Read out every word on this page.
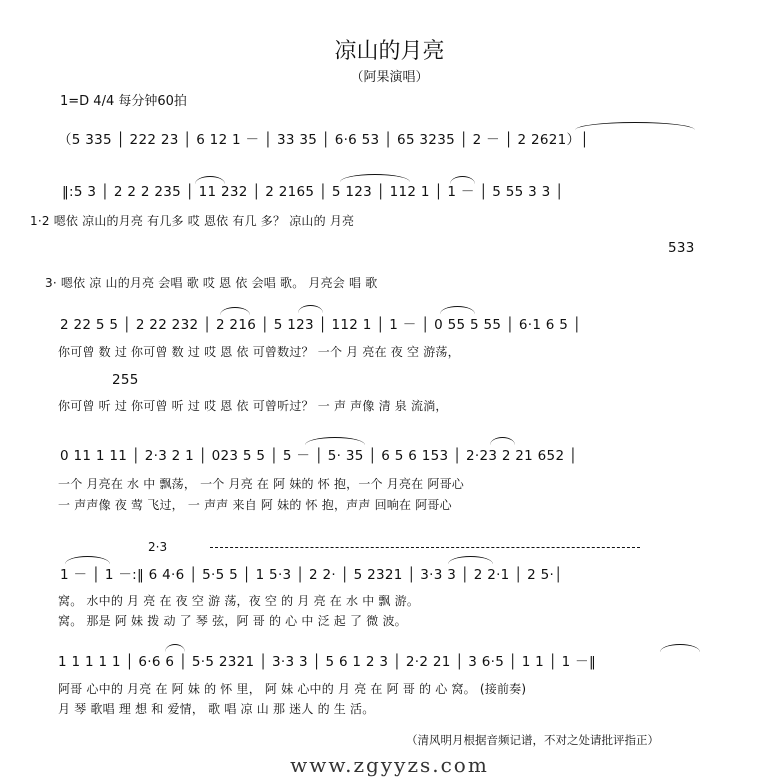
凉山的月亮
（阿果演唱）
1=D 4/4 每分钟60拍
（5 335 │ 222 23 │ 6 12 1 － │ 33 35 │ 6·6 53 │ 65 3235 │ 2 － │ 2 2621）│
‖:5 3 │ 2 2 2 235 │ 11 232 │ 2 2165 │ 5 123 │ 112 1 │ 1 － │ 5 55 3 3 │
1·2 嗯依 凉山的月亮 有几多 哎 恩依 有几 多？ 凉山的 月亮
533
3· 嗯依 凉 山的月亮 会唱 歌 哎 恩 依 会唱 歌。 月亮会 唱 歌
2 22 5 5 │ 2 22 232 │ 2 216 │ 5 123 │ 112 1 │ 1 － │ 0 55 5 55 │ 6·1 6 5 │
你可曾 数 过 你可曾 数 过 哎 恩 依 可曾数过？ 一个 月 亮在 夜 空 游荡，
255
你可曾 听 过 你可曾 听 过 哎 恩 依 可曾听过？ 一 声 声像 清 泉 流淌，
0 11 1 11 │ 2·3 2 1 │ 023 5 5 │ 5 － │ 5· 35 │ 6 5 6 153 │ 2·23 2 21 652 │
一个 月亮在 水 中 飘荡， 一个 月亮 在 阿 妹的 怀 抱，一个 月亮在 阿哥心
一 声声像 夜 莺 飞过， 一 声声 来自 阿 妹的 怀 抱，声声 回响在 阿哥心
2·3
1 － │ 1 －:‖ 6 4·6 │ 5·5 5 │ 1 5·3 │ 2 2· │ 5 2321 │ 3·3 3 │ 2 2·1 │ 2 5·│
窝。 水中的 月 亮 在 夜 空 游 荡，夜 空 的 月 亮 在 水 中 飘 游。
窝。 那是 阿 妹 拨 动 了 琴 弦，阿 哥 的 心 中 泛 起 了 微 波。
1 1 1 1 1 │ 6·6 6 │ 5·5 2321 │ 3·3 3 │ 5 6 1 2 3 │ 2·2 21 │ 3 6·5 │ 1 1 │ 1 －‖
阿哥 心中的 月亮 在 阿 妹 的 怀 里， 阿 妹 心中的 月 亮 在 阿 哥 的 心 窝。 (接前奏)
月 琴 歌唱 理 想 和 爱情， 歌 唱 凉 山 那 迷人 的 生 活。
（清风明月根据音频记谱，不对之处请批评指正）
www.zgyyzs.com
